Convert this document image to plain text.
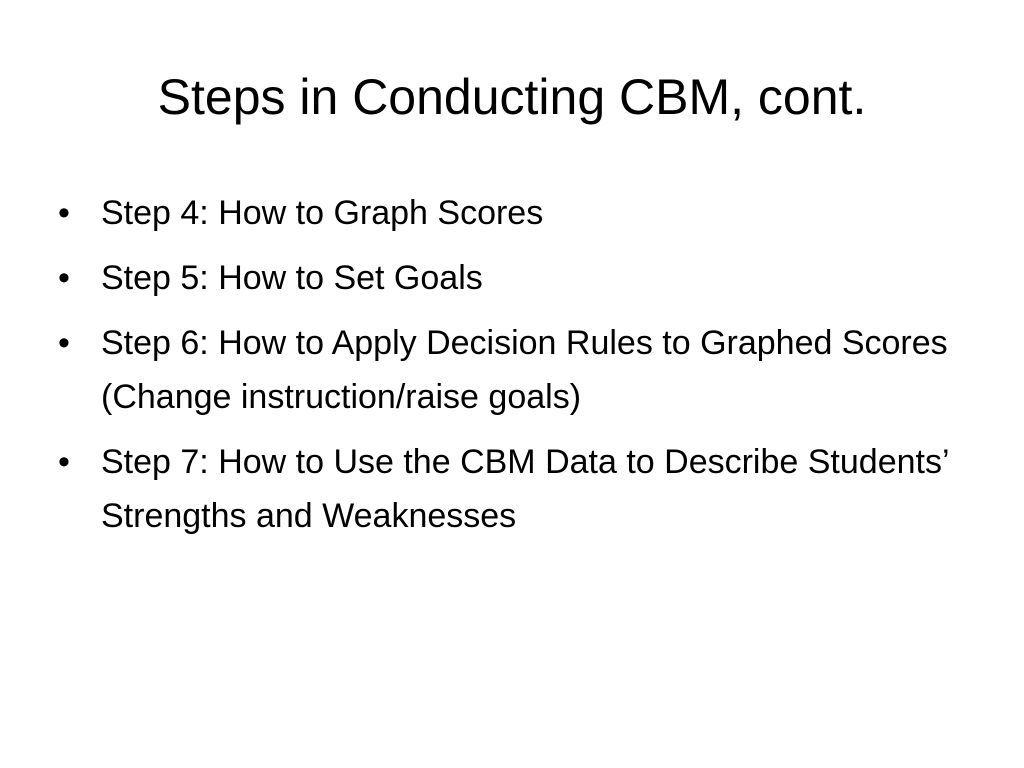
Steps in Conducting CBM, cont.
• Step 4: How to Graph Scores
• Step 5: How to Set Goals
• Step 6: How to Apply Decision Rules to Graphed Scores (Change instruction/raise goals)
• Step 7: How to Use the CBM Data to Describe Students’ Strengths and Weaknesses
